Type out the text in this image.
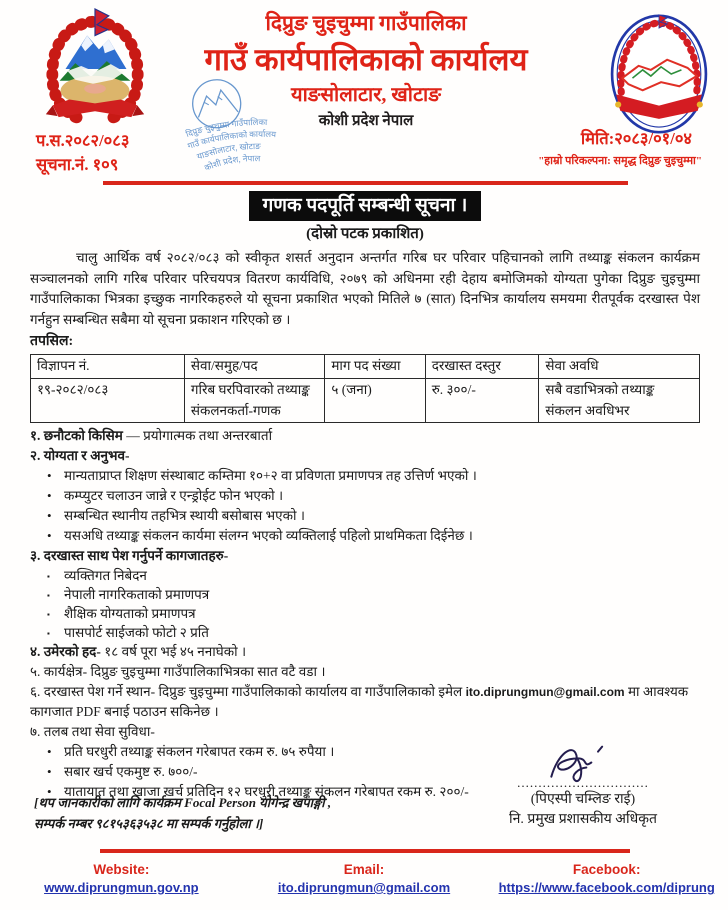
दिप्रुङ चुइचुम्मा गाउँपालिका
गाउँ कार्यपालिकाको कार्यालय
याङसोलाटार, खोटाङ
कोशी प्रदेश नेपाल
दिप्रुङ चुइचुम्मा गाउँपालिका
गाउँ कार्यपालिकाको कार्यालय
याङसोलाटार, खोटाङ
कोशी प्रदेश, नेपाल
प.स.२०८२/०८३
सूचना.नं. १०९
मिति:२०८३/०१/०४
"हाम्रो परिकल्पना: समृद्ध दिप्रुङ चुइचुम्मा"
गणक पदपूर्ति सम्बन्धी सूचना ।
(दोस्रो पटक प्रकाशित)

चालु आर्थिक वर्ष २०८२/०८३ को स्वीकृत शसर्त अनुदान अन्तर्गत गरिब घर परिवार पहिचानको लागि तथ्याङ्क संकलन कार्यक्रम सञ्चालनको लागि गरिब परिवार परिचयपत्र वितरण कार्यविधि, २०७९ को अधिनमा रही देहाय बमोजिमको योग्यता पुगेका दिप्रुङ चुइचुम्मा गाउँपालिकाका भित्रका इच्छुक नागरिकहरुले यो सूचना प्रकाशित भएको मितिले ७ (सात) दिनभित्र कार्यालय समयमा रीतपूर्वक दरखास्त पेश गर्नहुन सम्बन्धित सबैमा यो सूचना प्रकाशन गरिएको छ ।

तपसिल:
विज्ञापन नं.	सेवा/समुह/पद	माग पद संख्या	दरखास्त दस्तुर	सेवा अवधि
१९-२०८२/०८३	गरिब घरपिवारको तथ्याङ्क संकलनकर्ता-गणक	५ (जना)	रु. ३००/-	सबै वडाभित्रको तथ्याङ्क संकलन अवधिभर
१. छनौटको किसिम — प्रयोगात्मक तथा अन्तरबार्ता
२. योग्यता र अनुभव-
• मान्यताप्राप्त शिक्षण संस्थाबाट कम्तिमा १०+२ वा प्रविणता प्रमाणपत्र तह उत्तिर्ण भएको ।
• कम्प्युटर चलाउन जान्ने र एन्ड्रोईट फोन भएको ।
• सम्बन्धित स्थानीय तहभित्र स्थायी बसोबास भएको ।
• यसअधि तथ्याङ्क संकलन कार्यमा संलग्न भएको व्यक्तिलाई पहिलो प्राथमिकता दिईनेछ ।
३. दरखास्त साथ पेश गर्नुपर्ने कागजातहरु-
▪ व्यक्तिगत निबेदन
▪ नेपाली नागरिकताको प्रमाणपत्र
▪ शैक्षिक योग्यताको प्रमाणपत्र
▪ पासपोर्ट साईजको फोटो २ प्रति
४. उमेरको हद- १८ वर्ष पूरा भई ४५ ननाघेको ।
५. कार्यक्षेत्र- दिप्रुङ चुइचुम्मा गाउँपालिकाभित्रका सात वटै वडा ।
६. दरखास्त पेश गर्ने स्थान- दिप्रुङ चुइचुम्मा गाउँपालिकाको कार्यालय वा गाउँपालिकाको इमेल ito.diprungmun@gmail.com मा आवश्यक कागजात PDF बनाई पठाउन सकिनेछ ।
७. तलब तथा सेवा सुविधा-
• प्रति घरधुरी तथ्याङ्क संकलन गरेबापत रकम रु. ७५ रुपैया ।
• सबार खर्च एकमुष्ट रु. ७००/-
• यातायात तथा खाजा खर्च प्रतिदिन १२ घरधुरी तथ्याङ्क संकलन गरेबापत रकम रु. २००/-
[थप जानकारीको लागि कार्यक्रम Focal Person योगेन्द्र खपाङ्गी ,
सम्पर्क नम्बर ९८१५३६३५३८ मा सम्पर्क गर्नुहोला ।]
...............................
(पिएस्पी चम्लिङ राई)
नि. प्रमुख प्रशासकीय अधिकृत
Website:
www.diprungmun.gov.np
Email:
ito.diprungmun@gmail.com
Facebook:
https://www.facebook.com/diprung
